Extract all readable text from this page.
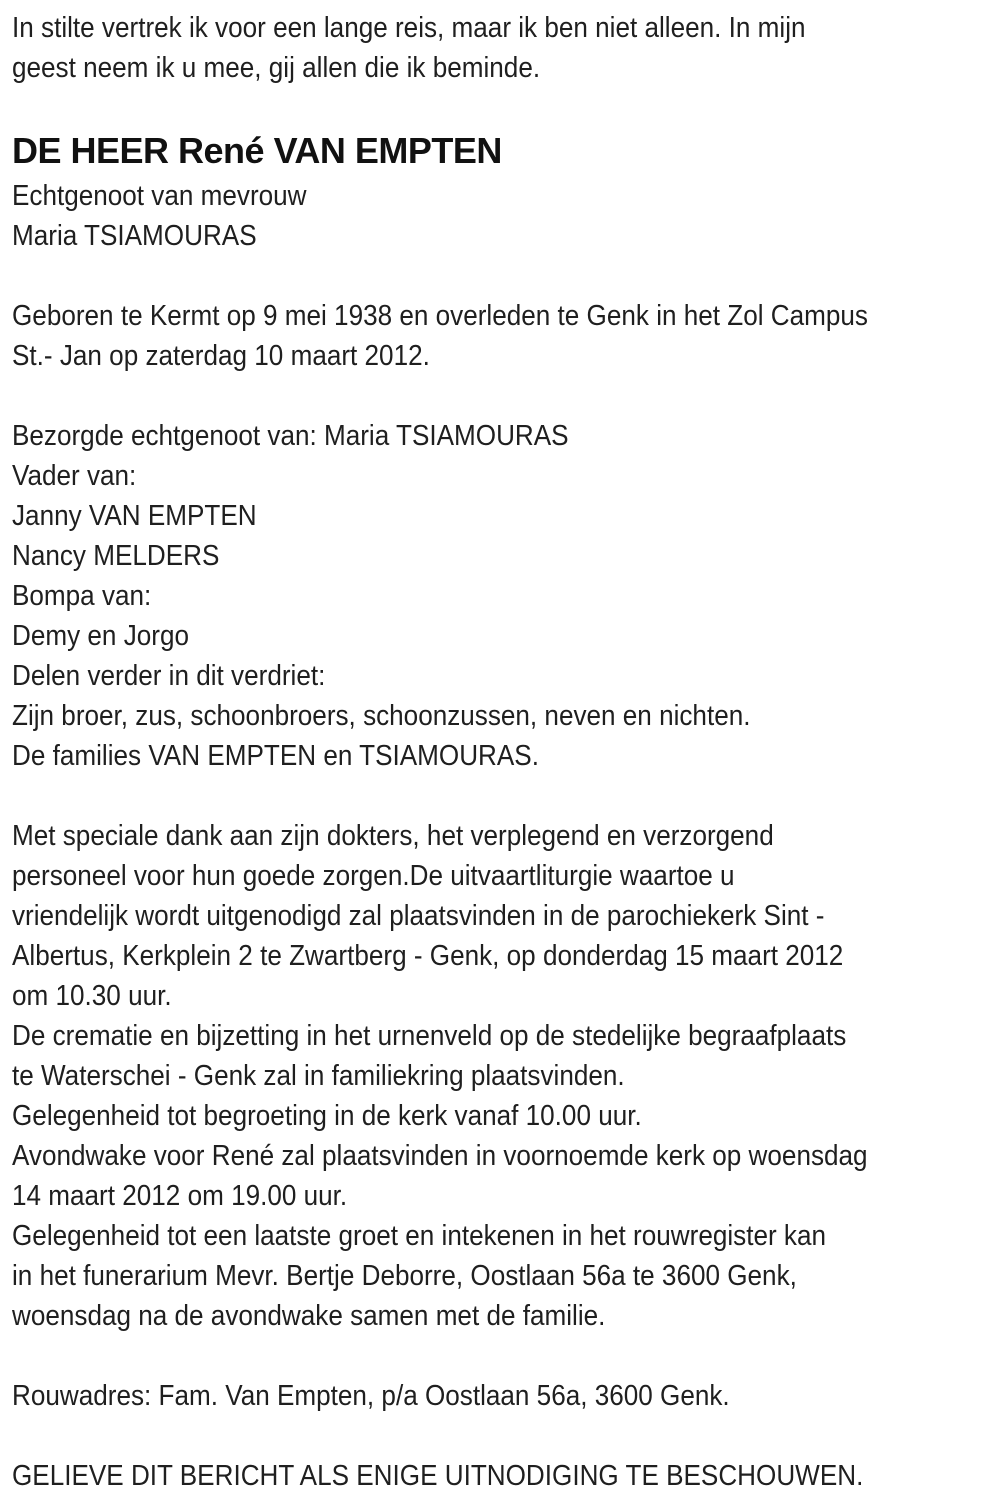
In stilte vertrek ik voor een lange reis, maar ik ben niet alleen. In mijn
geest neem ik u mee, gij allen die ik beminde.
DE HEER René VAN EMPTEN
Echtgenoot van mevrouw
Maria TSIAMOURAS
Geboren te Kermt op 9 mei 1938 en overleden te Genk in het Zol Campus
St.- Jan op zaterdag 10 maart 2012.
Bezorgde echtgenoot van: Maria TSIAMOURAS
Vader van:
Janny VAN EMPTEN
Nancy MELDERS
Bompa van:
Demy en Jorgo
Delen verder in dit verdriet:
Zijn broer, zus, schoonbroers, schoonzussen, neven en nichten.
De families VAN EMPTEN en TSIAMOURAS.
Met speciale dank aan zijn dokters, het verplegend en verzorgend
personeel voor hun goede zorgen.De uitvaartliturgie waartoe u
vriendelijk wordt uitgenodigd zal plaatsvinden in de parochiekerk Sint -
Albertus, Kerkplein 2 te Zwartberg - Genk, op donderdag 15 maart 2012
om 10.30 uur.
De crematie en bijzetting in het urnenveld op de stedelijke begraafplaats
te Waterschei - Genk zal in familiekring plaatsvinden.
Gelegenheid tot begroeting in de kerk vanaf 10.00 uur.
Avondwake voor René zal plaatsvinden in voornoemde kerk op woensdag
14 maart 2012 om 19.00 uur.
Gelegenheid tot een laatste groet en intekenen in het rouwregister kan
in het funerarium Mevr. Bertje Deborre, Oostlaan 56a te 3600 Genk,
woensdag na de avondwake samen met de familie.
Rouwadres: Fam. Van Empten, p/a Oostlaan 56a, 3600 Genk.
GELIEVE DIT BERICHT ALS ENIGE UITNODIGING TE BESCHOUWEN.
